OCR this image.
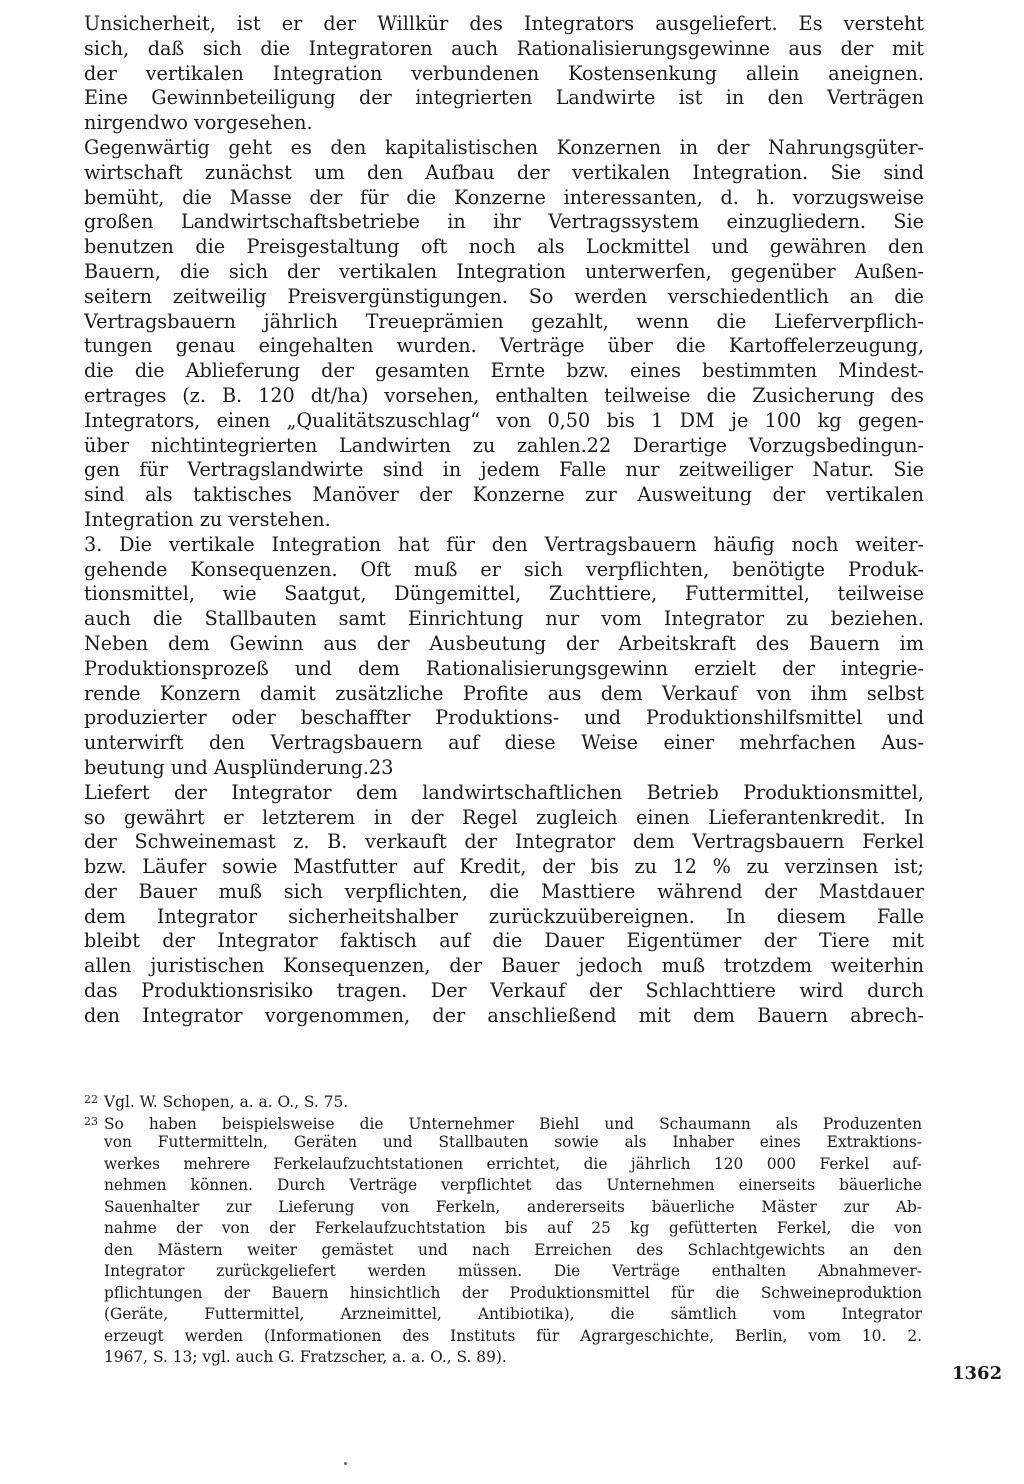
Unsicherheit, ist er der Willkür des Integrators ausgeliefert. Es versteht
sich, daß sich die Integratoren auch Rationalisierungsgewinne aus der mit
der vertikalen Integration verbundenen Kostensenkung allein aneignen.
Eine Gewinnbeteiligung der integrierten Landwirte ist in den Verträgen
nirgendwo vorgesehen.
Gegenwärtig geht es den kapitalistischen Konzernen in der Nahrungsgüter-
wirtschaft zunächst um den Aufbau der vertikalen Integration. Sie sind
bemüht, die Masse der für die Konzerne interessanten, d. h. vorzugsweise
großen Landwirtschaftsbetriebe in ihr Vertragssystem einzugliedern. Sie
benutzen die Preisgestaltung oft noch als Lockmittel und gewähren den
Bauern, die sich der vertikalen Integration unterwerfen, gegenüber Außen-
seitern zeitweilig Preisvergünstigungen. So werden verschiedentlich an die
Vertragsbauern jährlich Treueprämien gezahlt, wenn die Lieferverpflich-
tungen genau eingehalten wurden. Verträge über die Kartoffelerzeugung,
die die Ablieferung der gesamten Ernte bzw. eines bestimmten Mindest-
ertrages (z. B. 120 dt/ha) vorsehen, enthalten teilweise die Zusicherung des
Integrators, einen „Qualitätszuschlag“ von 0,50 bis 1 DM je 100 kg gegen-
über nichtintegrierten Landwirten zu zahlen.22 Derartige Vorzugsbedingun-
gen für Vertragslandwirte sind in jedem Falle nur zeitweiliger Natur. Sie
sind als taktisches Manöver der Konzerne zur Ausweitung der vertikalen
Integration zu verstehen.
3. Die vertikale Integration hat für den Vertragsbauern häufig noch weiter-
gehende Konsequenzen. Oft muß er sich verpflichten, benötigte Produk-
tionsmittel, wie Saatgut, Düngemittel, Zuchttiere, Futtermittel, teilweise
auch die Stallbauten samt Einrichtung nur vom Integrator zu beziehen.
Neben dem Gewinn aus der Ausbeutung der Arbeitskraft des Bauern im
Produktionsprozeß und dem Rationalisierungsgewinn erzielt der integrie-
rende Konzern damit zusätzliche Profite aus dem Verkauf von ihm selbst
produzierter oder beschaffter Produktions- und Produktionshilfsmittel und
unterwirft den Vertragsbauern auf diese Weise einer mehrfachen Aus-
beutung und Ausplünderung.23
Liefert der Integrator dem landwirtschaftlichen Betrieb Produktionsmittel,
so gewährt er letzterem in der Regel zugleich einen Lieferantenkredit. In
der Schweinemast z. B. verkauft der Integrator dem Vertragsbauern Ferkel
bzw. Läufer sowie Mastfutter auf Kredit, der bis zu 12 % zu verzinsen ist;
der Bauer muß sich verpflichten, die Masttiere während der Mastdauer
dem Integrator sicherheitshalber zurückzuübereignen. In diesem Falle
bleibt der Integrator faktisch auf die Dauer Eigentümer der Tiere mit
allen juristischen Konsequenzen, der Bauer jedoch muß trotzdem weiterhin
das Produktionsrisiko tragen. Der Verkauf der Schlachttiere wird durch
den Integrator vorgenommen, der anschließend mit dem Bauern abrech-
$^{22}$ Vgl. W. Schopen, a. a. O., S. 75.
$^{23}$ So haben beispielsweise die Unternehmer Biehl und Schaumann als Produzenten
von Futtermitteln, Geräten und Stallbauten sowie als Inhaber eines Extraktions-
werkes mehrere Ferkelaufzuchtstationen errichtet, die jährlich 120 000 Ferkel auf-
nehmen können. Durch Verträge verpflichtet das Unternehmen einerseits bäuerliche
Sauenhalter zur Lieferung von Ferkeln, andererseits bäuerliche Mäster zur Ab-
nahme der von der Ferkelaufzuchtstation bis auf 25 kg gefütterten Ferkel, die von
den Mästern weiter gemästet und nach Erreichen des Schlachtgewichts an den
Integrator zurückgeliefert werden müssen. Die Verträge enthalten Abnahmever-
pflichtungen der Bauern hinsichtlich der Produktionsmittel für die Schweineproduktion
(Geräte, Futtermittel, Arzneimittel, Antibiotika), die sämtlich vom Integrator
erzeugt werden (Informationen des Instituts für Agrargeschichte, Berlin, vom 10. 2.
1967, S. 13; vgl. auch G. Fratzscher, a. a. O., S. 89).
1362
